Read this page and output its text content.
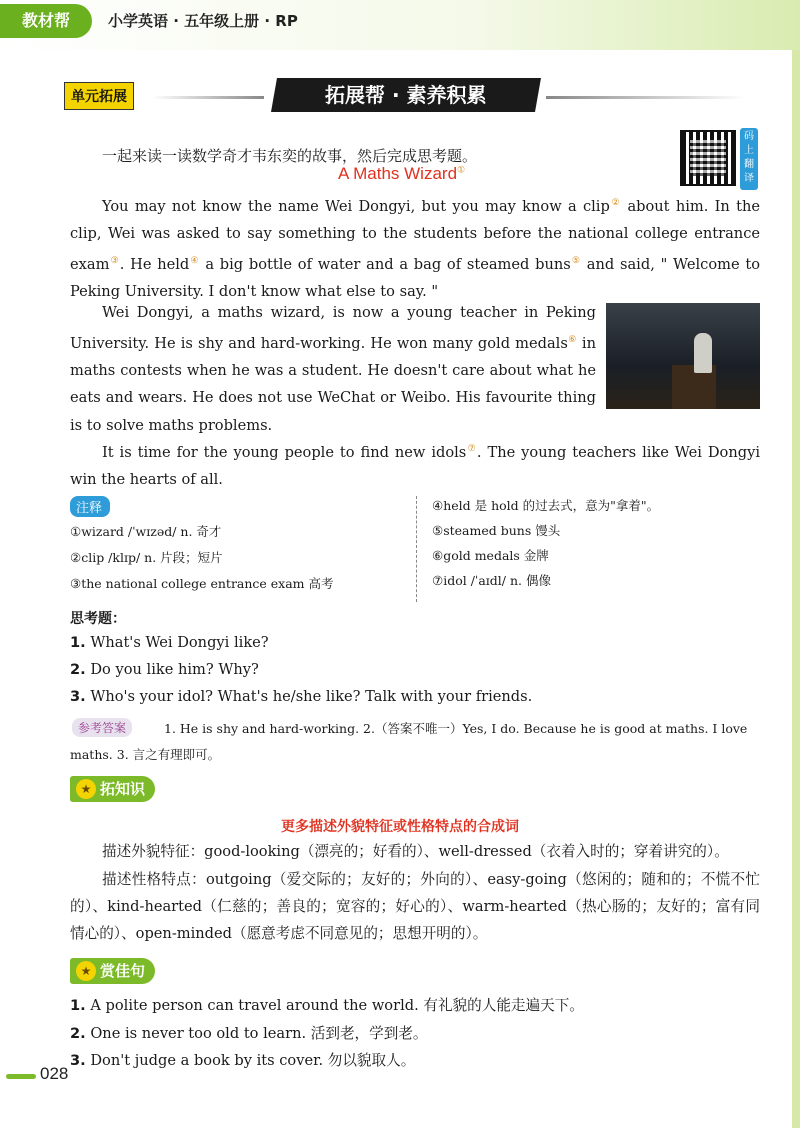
教材帮	小学英语 · 五年级上册 · RP
单元拓展	拓展帮 · 素养积累
一起来读一读数学奇才韦东奕的故事，然后完成思考题。
码上翻译
A Maths Wizard①
You may not know the name Wei Dongyi, but you may know a clip② about him. In the clip, Wei was asked to say something to the students before the national college entrance exam③. He held④ a big bottle of water and a bag of steamed buns⑤ and said, " Welcome to Peking University. I don't know what else to say. "
Wei Dongyi, a maths wizard, is now a young teacher in Peking University. He is shy and hard-working. He won many gold medals⑥ in maths contests when he was a student. He doesn't care about what he eats and wears. He does not use WeChat or Weibo. His favourite thing is to solve maths problems.
It is time for the young people to find new idols⑦. The young teachers like Wei Dongyi win the hearts of all.
注释
①wizard /ˈwɪzəd/ n. 奇才
②clip /klɪp/ n. 片段；短片
③the national college entrance exam 高考
④held 是 hold 的过去式，意为"拿着"。
⑤steamed buns 馒头
⑥gold medals 金牌
⑦idol /ˈaɪdl/ n. 偶像
思考题：
1. What's Wei Dongyi like?
2. Do you like him? Why?
3. Who's your idol? What's he/she like? Talk with your friends.
参考答案	1. He is shy and hard-working. 2.（答案不唯一）Yes, I do. Because he is good at maths. I love
maths. 3. 言之有理即可。
★ 拓知识
更多描述外貌特征或性格特点的合成词
描述外貌特征：good-looking（漂亮的；好看的）、well-dressed（衣着入时的；穿着讲究的）。
描述性格特点：outgoing（爱交际的；友好的；外向的）、easy-going（悠闲的；随和的；不慌不忙的）、kind-hearted（仁慈的；善良的；宽容的；好心的）、warm-hearted（热心肠的；友好的；富有同情心的）、open-minded（愿意考虑不同意见的；思想开明的）。
★ 赏佳句
1. A polite person can travel around the world. 有礼貌的人能走遍天下。
2. One is never too old to learn. 活到老，学到老。
3. Don't judge a book by its cover. 勿以貌取人。
028
